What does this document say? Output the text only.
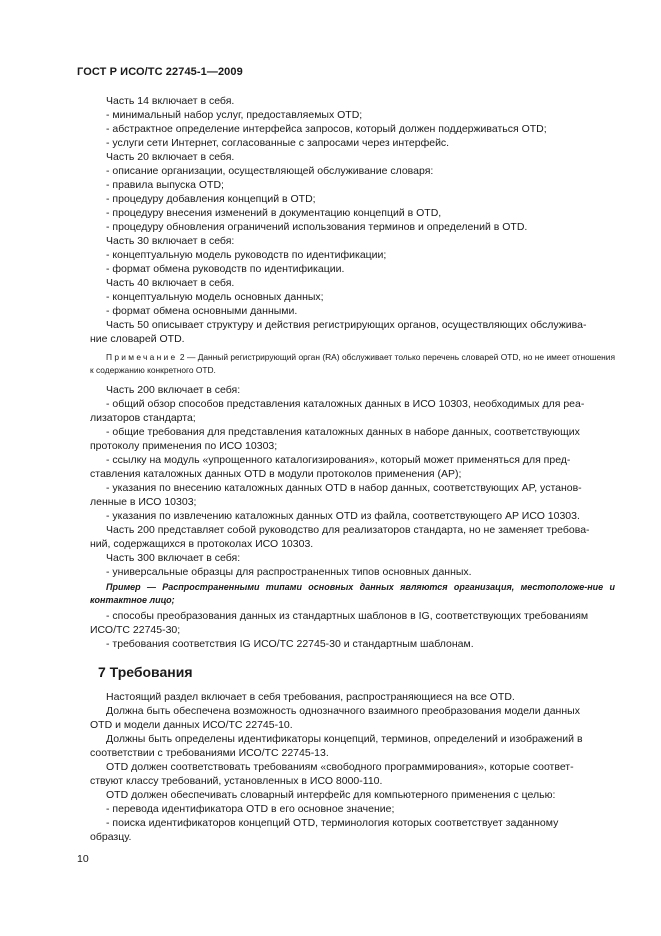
ГОСТ Р ИСО/ТС 22745-1—2009

Часть 14 включает в себя.

- минимальный набор услуг, предоставляемых OTD;

- абстрактное определение интерфейса запросов, который должен поддерживаться OTD;

- услуги сети Интернет, согласованные с запросами через интерфейс.

Часть 20 включает в себя.

- описание организации, осуществляющей обслуживание словаря:

- правила выпуска OTD;

- процедуру добавления концепций в OTD;

- процедуру внесения изменений в документацию концепций в OTD,

- процедуру обновления ограничений использования терминов и определений в OTD.

Часть 30 включает в себя:

- концептуальную модель руководств по идентификации;

- формат обмена руководств по идентификации.

Часть 40 включает в себя.

- концептуальную модель основных данных;

- формат обмена основными данными.

Часть 50 описывает структуру и действия регистрирующих органов, осуществляющих обслужива-

ние словарей OTD.

Примечание 2 — Данный регистрирующий орган (RA) обслуживает только перечень словарей OTD, но не имеет отношения к содержанию конкретного OTD.

Часть 200 включает в себя:

- общий обзор способов представления каталожных данных в ИСО 10303, необходимых для реа-

лизаторов стандарта;

- общие требования для представления каталожных данных в наборе данных, соответствующих

протоколу применения по ИСО 10303;

- ссылку на модуль «упрощенного каталогизирования», который может применяться для пред-

ставления каталожных данных OTD в модули протоколов применения (AP);

- указания по внесению каталожных данных OTD в набор данных, соответствующих AP, установ-

ленные в ИСО 10303;

- указания по извлечению каталожных данных OTD из файла, соответствующего AP ИСО 10303.

Часть 200 представляет собой руководство для реализаторов стандарта, но не заменяет требова-

ний, содержащихся в протоколах ИСО 10303.

Часть 300 включает в себя:

- универсальные образцы для распространенных типов основных данных.

Пример — Распространенными типами основных данных являются организация, местоположе-ние и контактное лицо;

- способы преобразования данных из стандартных шаблонов в IG, соответствующих требованиям

ИСО/ТС 22745-30;

- требования соответствия IG ИСО/ТС 22745-30 и стандартным шаблонам.

7 Требования

Настоящий раздел включает в себя требования, распространяющиеся на все OTD.

Должна быть обеспечена возможность однозначного взаимного преобразования модели данных

OTD и модели данных ИСО/ТС 22745-10.

Должны быть определены идентификаторы концепций, терминов, определений и изображений в

соответствии с требованиями ИСО/ТС 22745-13.

OTD должен соответствовать требованиям «свободного программирования», которые соответ-

ствуют классу требований, установленных в ИСО 8000-110.

OTD должен обеспечивать словарный интерфейс для компьютерного применения с целью:

- перевода идентификатора OTD в его основное значение;

- поиска идентификаторов концепций OTD, терминология которых соответствует заданному

образцу.

10
